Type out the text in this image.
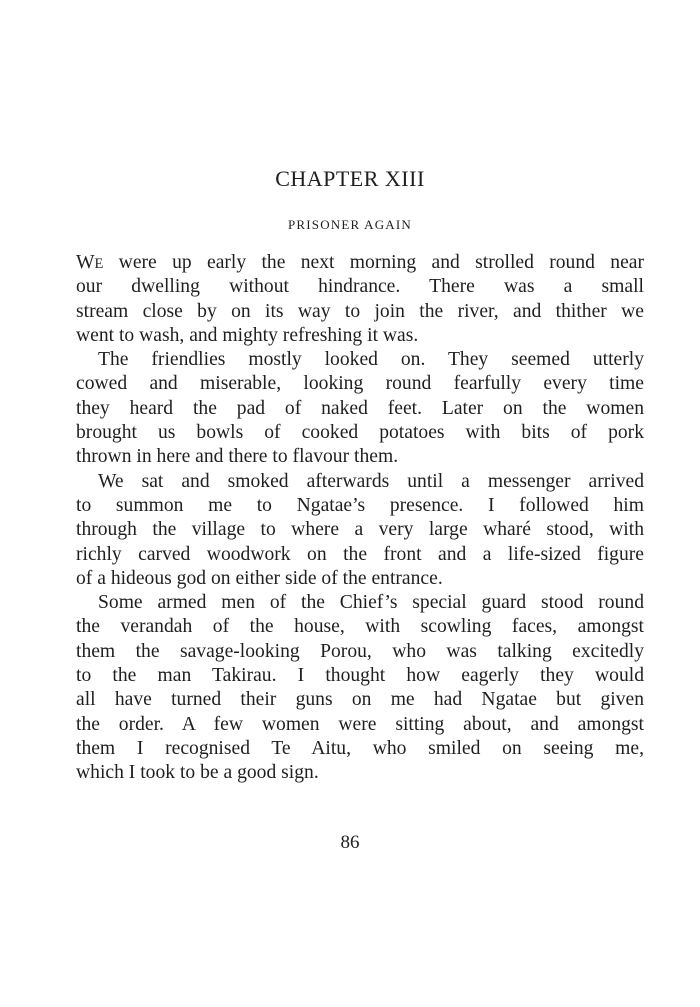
CHAPTER XIII
PRISONER AGAIN
WE were up early the next morning and strolled round near
our dwelling without hindrance. There was a small
stream close by on its way to join the river, and thither we
went to wash, and mighty refreshing it was.
The friendlies mostly looked on. They seemed utterly
cowed and miserable, looking round fearfully every time
they heard the pad of naked feet. Later on the women
brought us bowls of cooked potatoes with bits of pork
thrown in here and there to flavour them.
We sat and smoked afterwards until a messenger arrived
to summon me to Ngatae’s presence. I followed him
through the village to where a very large wharé stood, with
richly carved woodwork on the front and a life-sized figure
of a hideous god on either side of the entrance.
Some armed men of the Chief’s special guard stood round
the verandah of the house, with scowling faces, amongst
them the savage-looking Porou, who was talking excitedly
to the man Takirau. I thought how eagerly they would
all have turned their guns on me had Ngatae but given
the order. A few women were sitting about, and amongst
them I recognised Te Aitu, who smiled on seeing me,
which I took to be a good sign.
86
